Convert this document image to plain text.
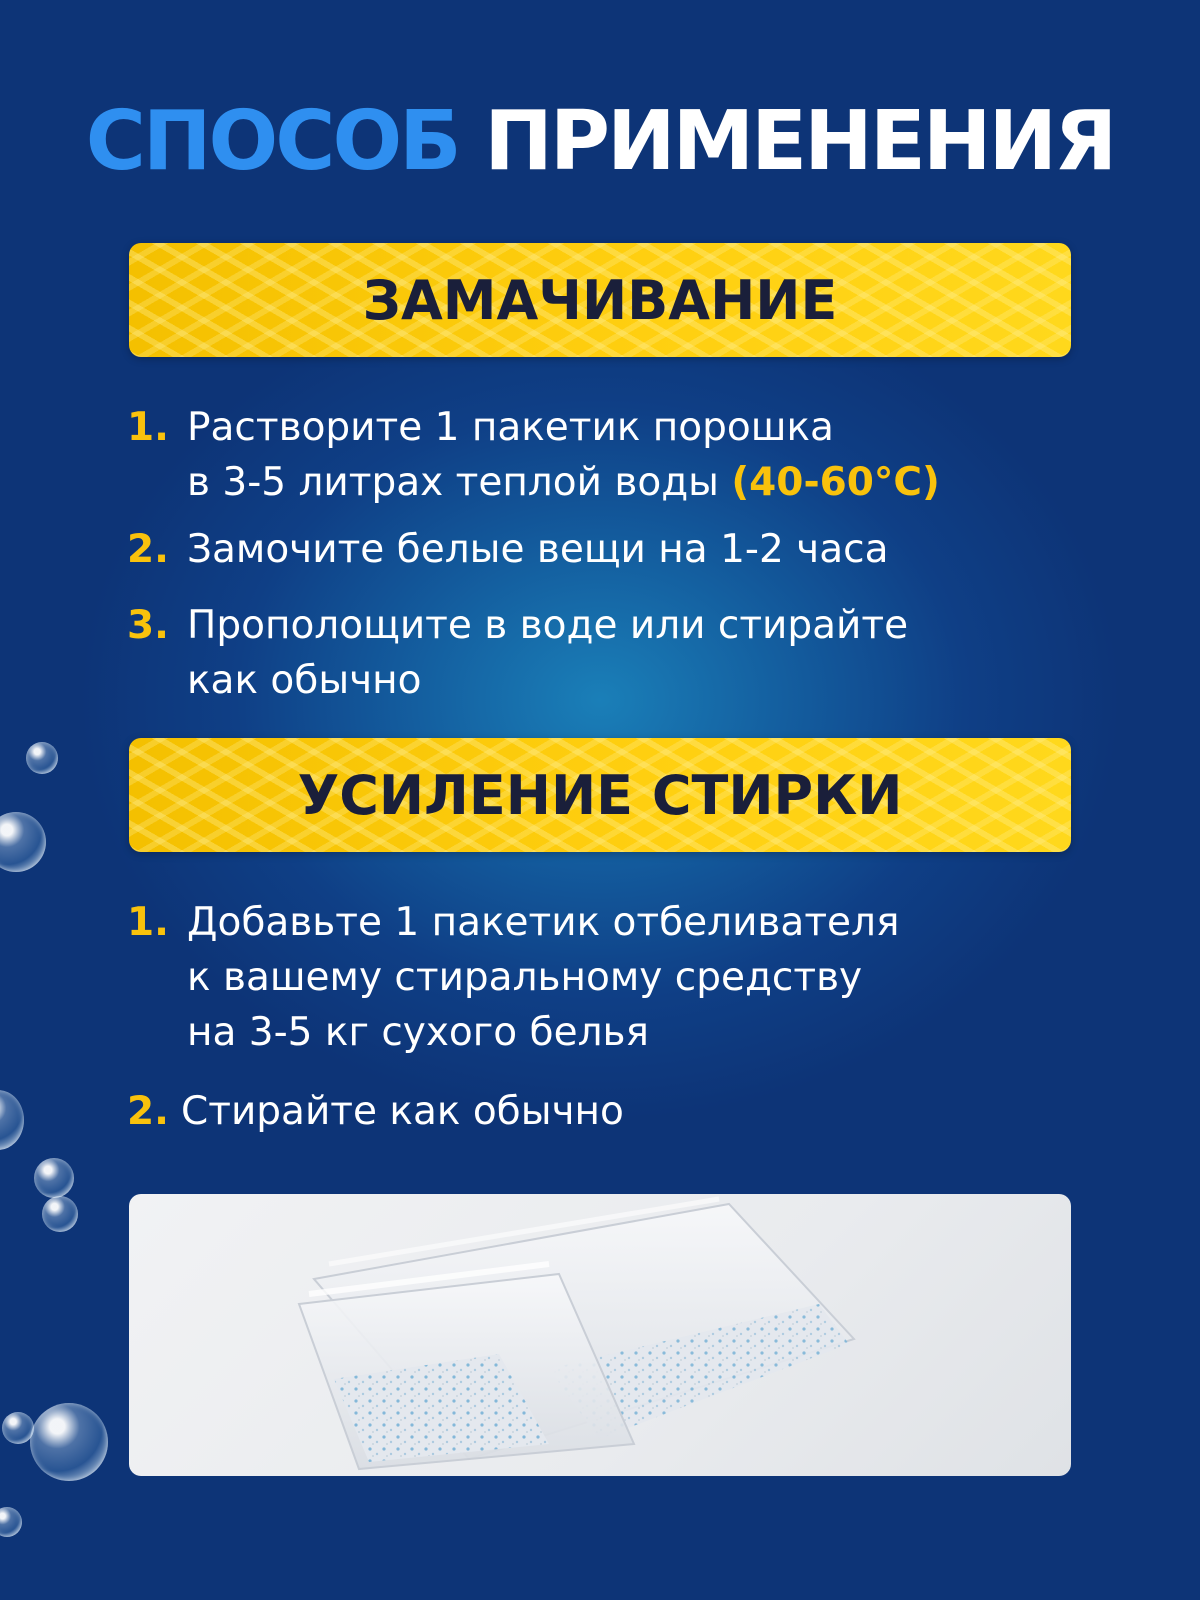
СПОСОБ ПРИМЕНЕНИЯ
ЗАМАЧИВАНИЕ
1. Растворите 1 пакетик порошка
в 3-5 литрах теплой воды (40-60°C)
2. Замочите белые вещи на 1-2 часа
3. Прополощите в воде или стирайте
как обычно
УСИЛЕНИЕ СТИРКИ
1. Добавьте 1 пакетик отбеливателя
к вашему стиральному средству
на 3-5 кг сухого белья
2. Стирайте как обычно
